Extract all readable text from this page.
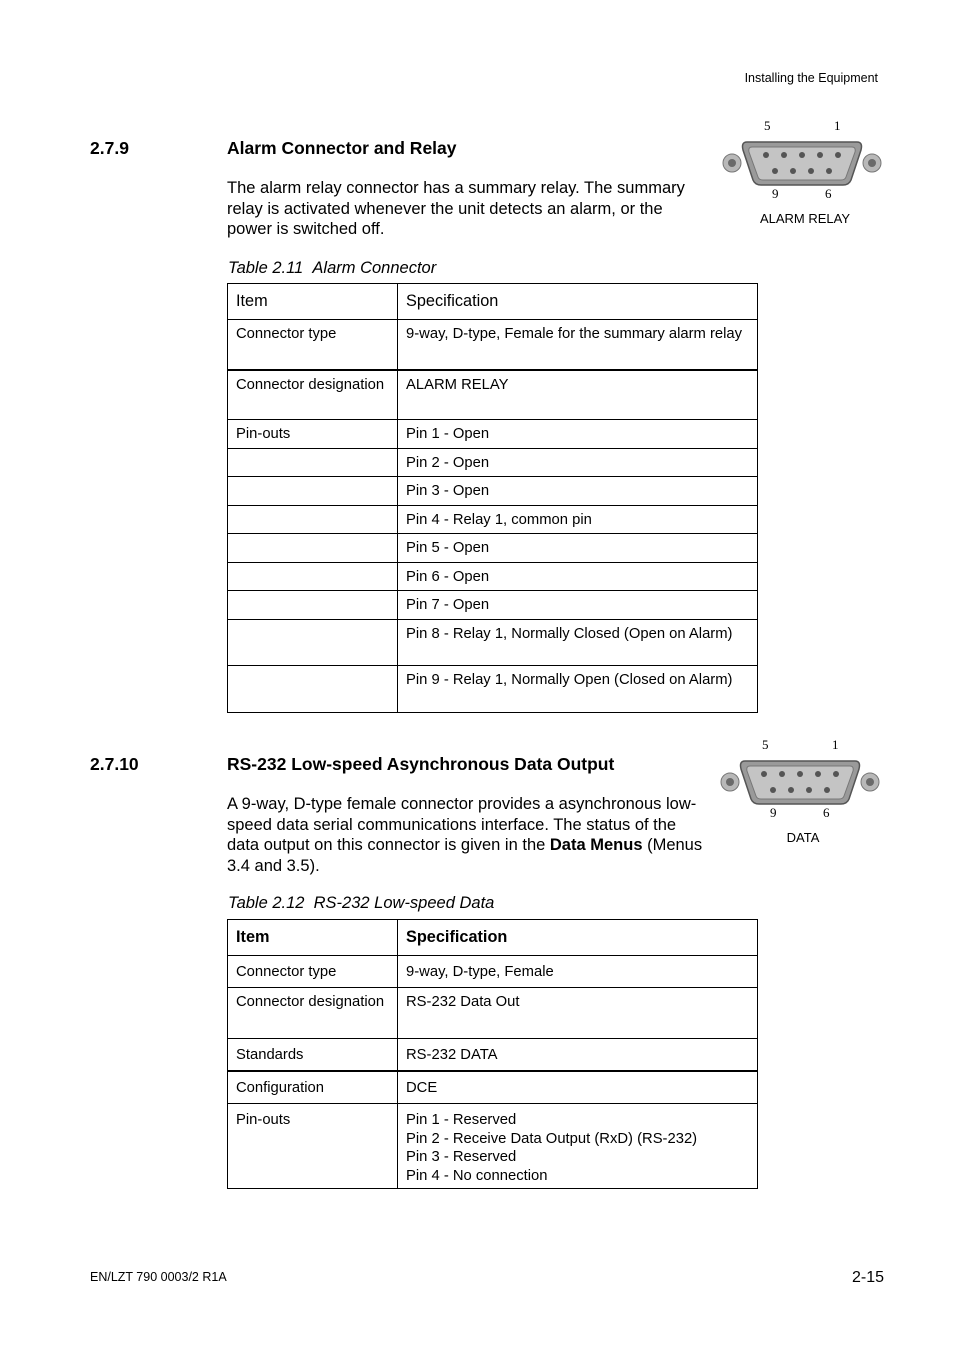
Installing the Equipment
2.7.9	Alarm Connector and Relay
The alarm relay connector has a summary relay. The summary relay is activated whenever the unit detects an alarm, or the power is switched off.
5	1
9	6
ALARM RELAY
Table 2.11 Alarm Connector
Item	Specification
Connector type	9-way, D-type, Female for the summary alarm relay
Connector designation	ALARM RELAY
Pin-outs	Pin 1 - Open
	Pin 2 - Open
	Pin 3 - Open
	Pin 4 - Relay 1, common pin
	Pin 5 - Open
	Pin 6 - Open
	Pin 7 - Open
	Pin 8 - Relay 1, Normally Closed (Open on Alarm)
	Pin 9 - Relay 1, Normally Open (Closed on Alarm)
2.7.10	RS-232 Low-speed Asynchronous Data Output
A 9-way, D-type female connector provides a asynchronous low-speed data serial communications interface. The status of the data output on this connector is given in the Data Menus (Menus 3.4 and 3.5).
5	1
9	6
DATA
Table 2.12 RS-232 Low-speed Data
Item	Specification
Connector type	9-way, D-type, Female
Connector designation	RS-232 Data Out
Standards	RS-232 DATA
Configuration	DCE
Pin-outs	Pin 1 - Reserved
Pin 2 - Receive Data Output (RxD) (RS-232)
Pin 3 - Reserved
Pin 4 - No connection
EN/LZT 790 0003/2 R1A	2-15
